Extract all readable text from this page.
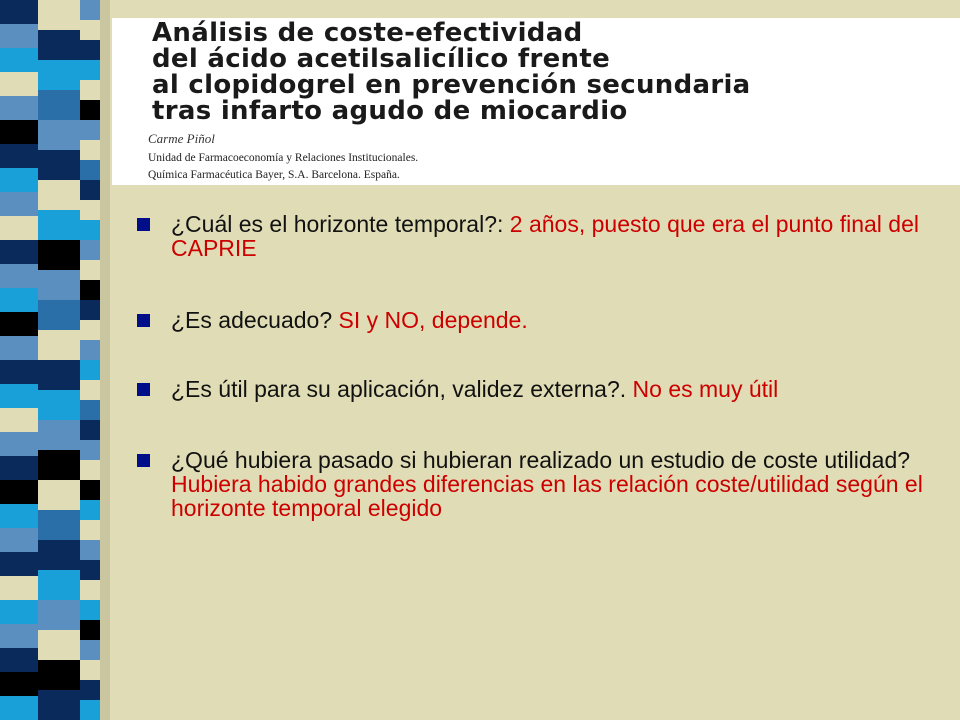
Análisis de coste-efectividad
del ácido acetilsalicílico frente
al clopidogrel en prevención secundaria
tras infarto agudo de miocardio
Carme Piñol
Unidad de Farmacoeconomía y Relaciones Institucionales.
Química Farmacéutica Bayer, S.A. Barcelona. España.
¿Cuál es el horizonte temporal?: 2 años, puesto que era el punto final del CAPRIE
¿Es adecuado? SI y NO, depende.
¿Es útil para su aplicación, validez externa?. No es muy útil
¿Qué hubiera pasado si hubieran realizado un estudio de coste utilidad? Hubiera habido grandes diferencias en las relación coste/utilidad según el horizonte temporal elegido
